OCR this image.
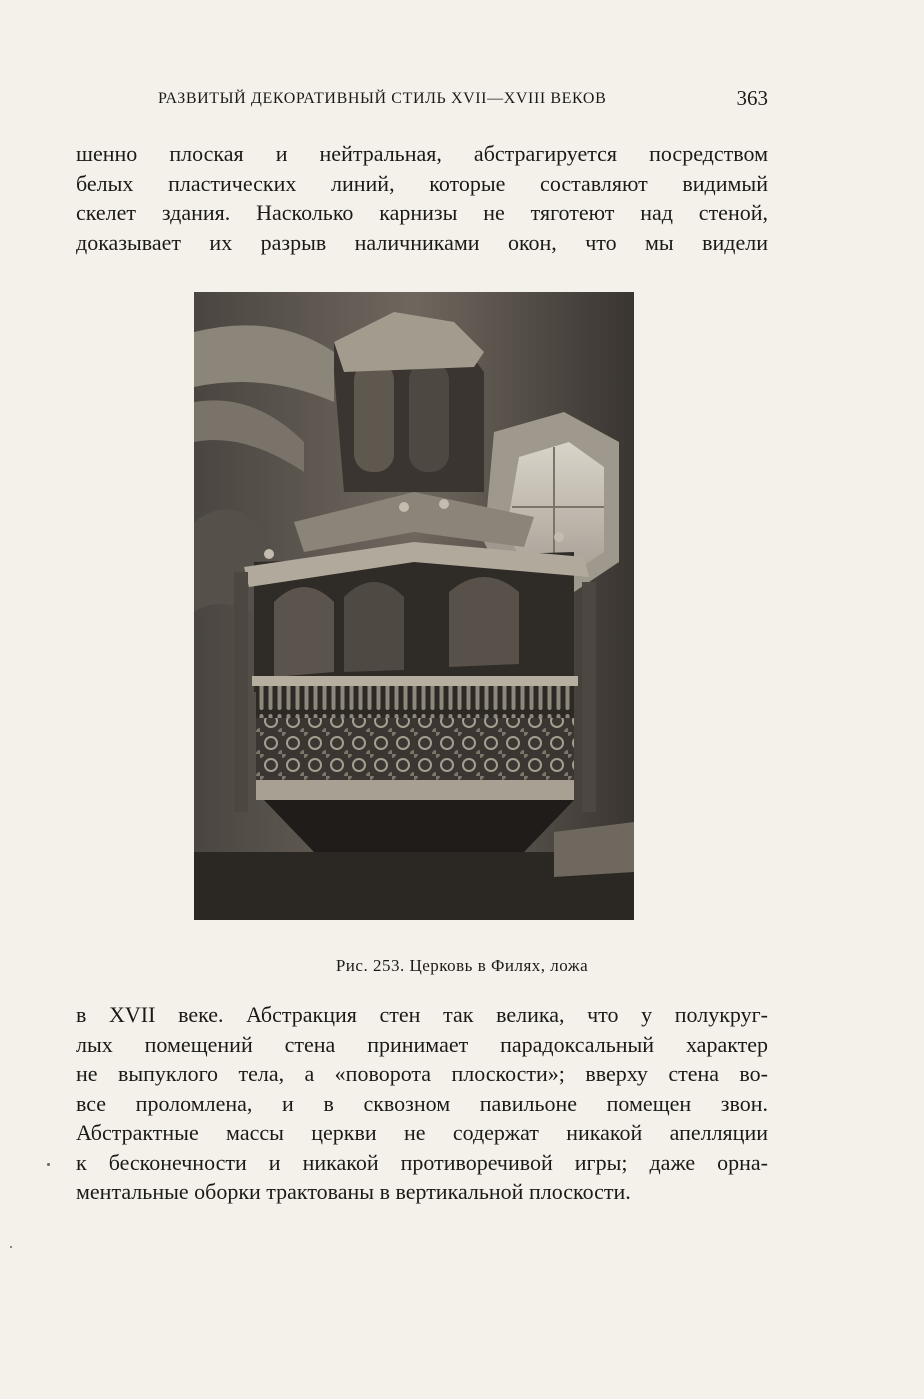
РАЗВИТЫЙ ДЕКОРАТИВНЫЙ СТИЛЬ XVII—XVIII ВЕКОВ	363
шенно плоская и нейтральная, абстрагируется посредством
белых пластических линий, которые составляют видимый
скелет здания. Насколько карнизы не тяготеют над стеной,
доказывает их разрыв наличниками окон, что мы видели
Рис. 253. Церковь в Филях, ложа
в XVII веке. Абстракция стен так велика, что у полукруг-
лых помещений стена принимает парадоксальный характер
не выпуклого тела, а «поворота плоскости»; вверху стена во-
все проломлена, и в сквозном павильоне помещен звон.
Абстрактные массы церкви не содержат никакой апелляции
к бесконечности и никакой противоречивой игры; даже орна-
ментальные оборки трактованы в вертикальной плоскости.
